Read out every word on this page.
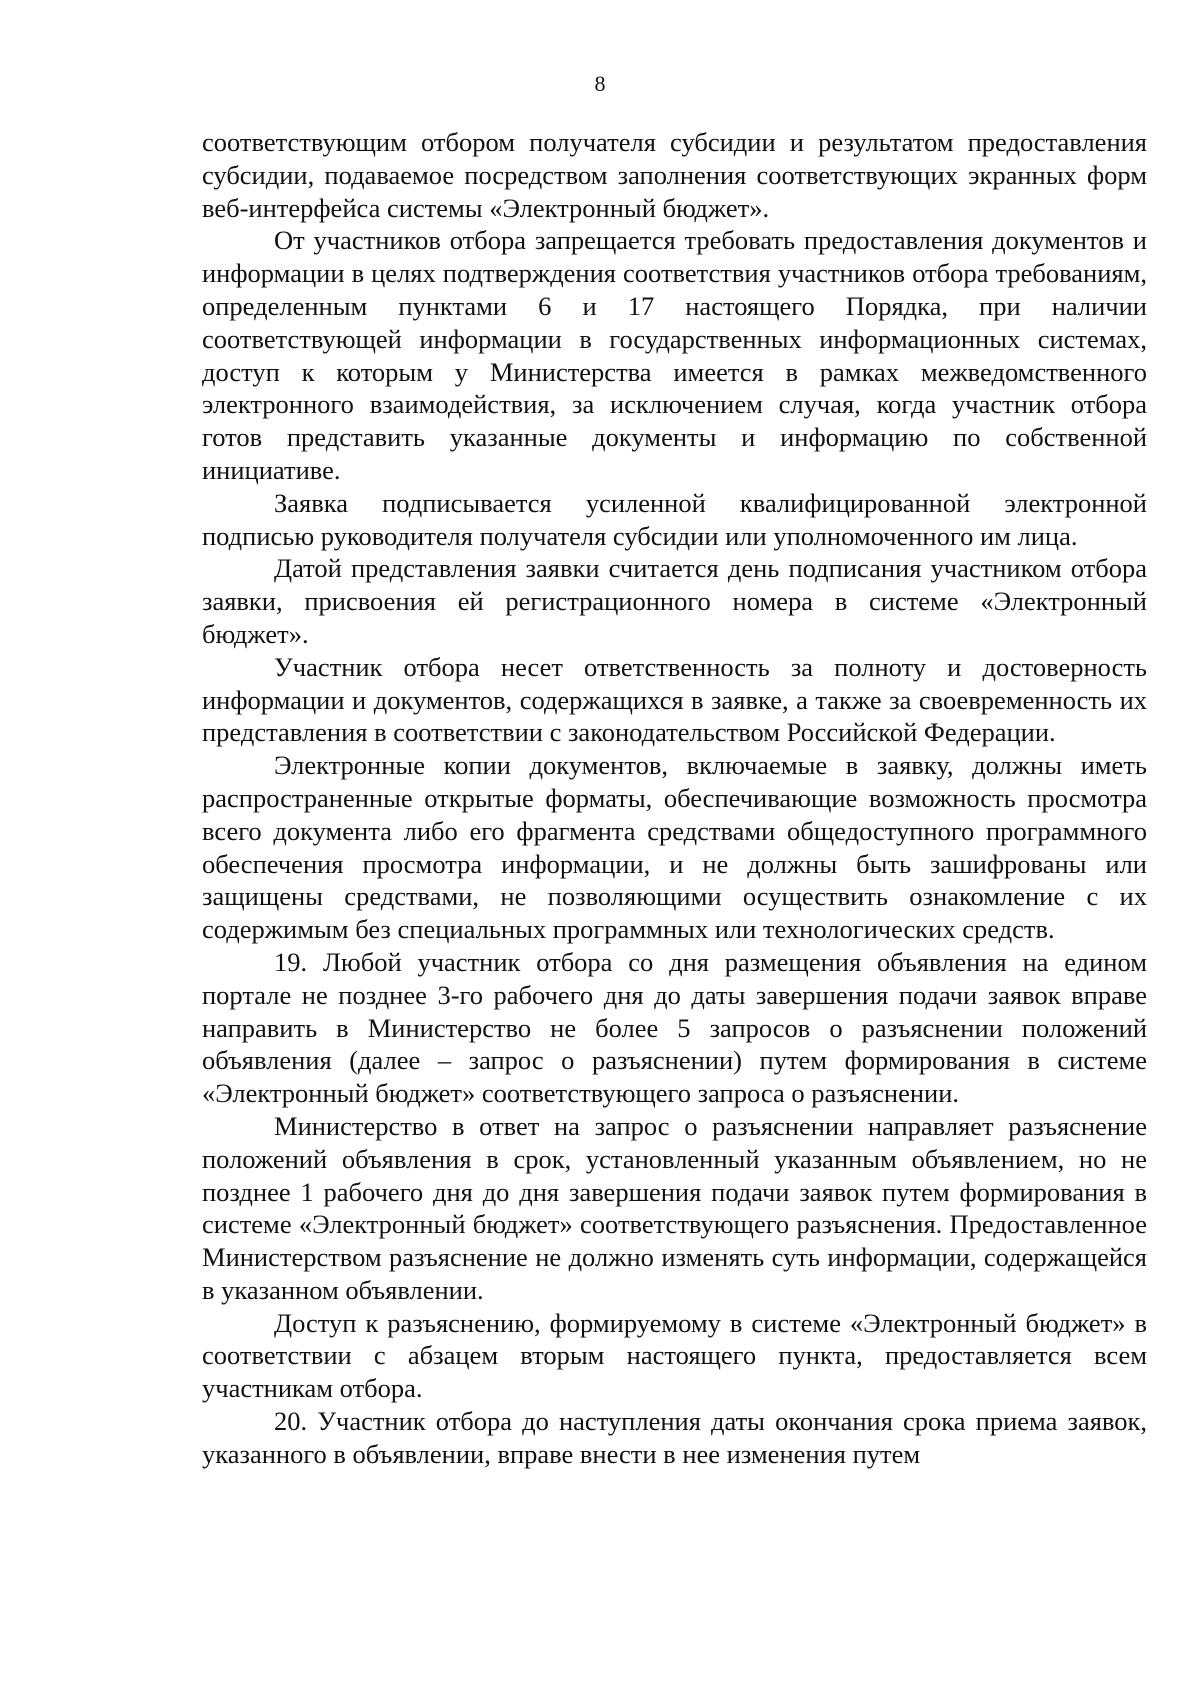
8

соответствующим отбором получателя субсидии и результатом предоставления субсидии, подаваемое посредством заполнения соответствующих экранных форм веб-интерфейса системы «Электронный бюджет».

От участников отбора запрещается требовать предоставления документов и информации в целях подтверждения соответствия участников отбора требованиям, определенным пунктами 6 и 17 настоящего Порядка, при наличии соответствующей информации в государственных информационных системах, доступ к которым у Министерства имеется в рамках межведомственного электронного взаимодействия, за исключением случая, когда участник отбора готов представить указанные документы и информацию по собственной инициативе.

Заявка подписывается усиленной квалифицированной электронной подписью руководителя получателя субсидии или уполномоченного им лица.

Датой представления заявки считается день подписания участником отбора заявки, присвоения ей регистрационного номера в системе «Электронный бюджет».

Участник отбора несет ответственность за полноту и достоверность информации и документов, содержащихся в заявке, а также за своевременность их представления в соответствии с законодательством Российской Федерации.

Электронные копии документов, включаемые в заявку, должны иметь распространенные открытые форматы, обеспечивающие возможность просмотра всего документа либо его фрагмента средствами общедоступного программного обеспечения просмотра информации, и не должны быть зашифрованы или защищены средствами, не позволяющими осуществить ознакомление с их содержимым без специальных программных или технологических средств.

19. Любой участник отбора со дня размещения объявления на едином портале не позднее 3-го рабочего дня до даты завершения подачи заявок вправе направить в Министерство не более 5 запросов о разъяснении положений объявления (далее – запрос о разъяснении) путем формирования в системе «Электронный бюджет» соответствующего запроса о разъяснении.

Министерство в ответ на запрос о разъяснении направляет разъяснение положений объявления в срок, установленный указанным объявлением, но не позднее 1 рабочего дня до дня завершения подачи заявок путем формирования в системе «Электронный бюджет» соответствующего разъяснения. Предоставленное Министерством разъяснение не должно изменять суть информации, содержащейся в указанном объявлении.

Доступ к разъяснению, формируемому в системе «Электронный бюджет» в соответствии с абзацем вторым настоящего пункта, предоставляется всем участникам отбора.

20. Участник отбора до наступления даты окончания срока приема заявок, указанного в объявлении, вправе внести в нее изменения путем
